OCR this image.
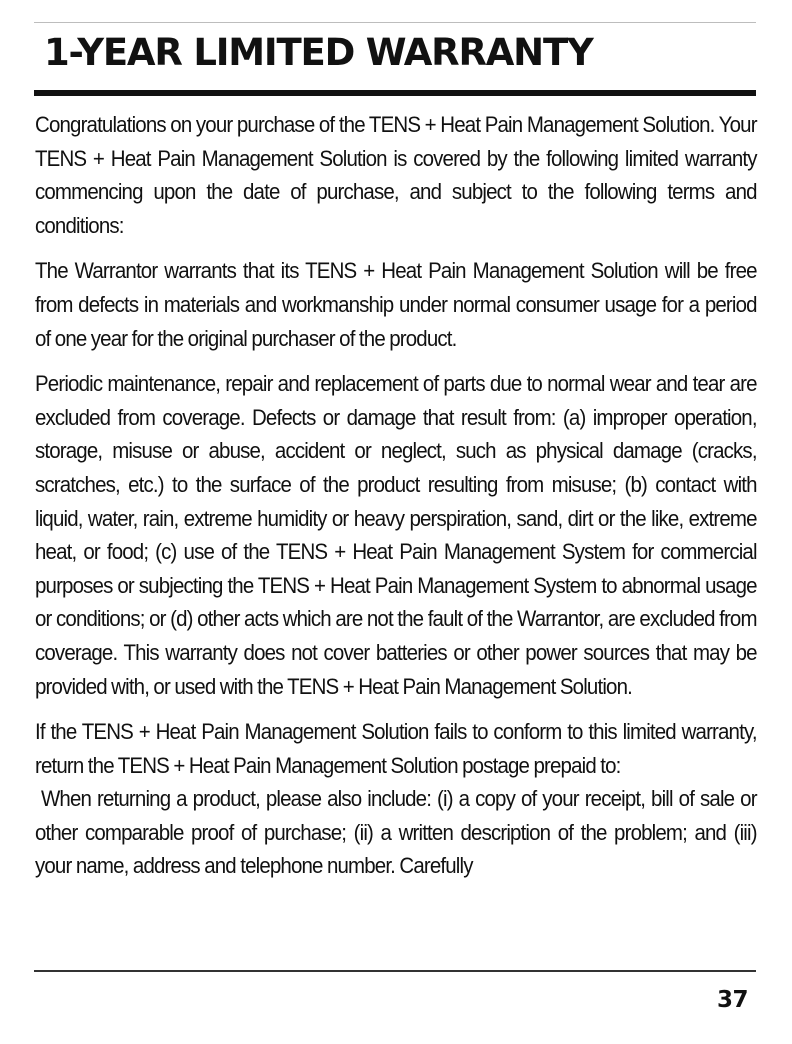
1-YEAR LIMITED WARRANTY

Congratulations on your purchase of the TENS + Heat Pain Management Solution. Your TENS + Heat Pain Management Solution is covered by the following limited warranty commencing upon the date of purchase, and subject to the following terms and conditions:

The Warrantor warrants that its TENS + Heat Pain Management Solution will be free from defects in materials and workmanship under normal consumer usage for a period of one year for the original purchaser of the product.

Periodic maintenance, repair and replacement of parts due to normal wear and tear are excluded from coverage. Defects or damage that result from: (a) improper operation, storage, misuse or abuse, accident or neglect, such as physical damage (cracks, scratches, etc.) to the surface of the product resulting from misuse; (b) contact with liquid, water, rain, extreme humidity or heavy perspiration, sand, dirt or the like, extreme heat, or food; (c) use of the TENS + Heat Pain Management System for commercial purposes or subjecting the TENS + Heat Pain Management System to abnormal usage or conditions; or (d) other acts which are not the fault of the Warrantor, are excluded from coverage. This warranty does not cover batteries or other power sources that may be provided with, or used with the TENS + Heat Pain Management Solution.

If the TENS + Heat Pain Management Solution fails to conform to this limited warranty, return the TENS + Heat Pain Management Solution postage prepaid to:

When returning a product, please also include: (i) a copy of your receipt, bill of sale or other comparable proof of purchase; (ii) a written description of the problem; and (iii)  your name, address and telephone number. Carefully

37
